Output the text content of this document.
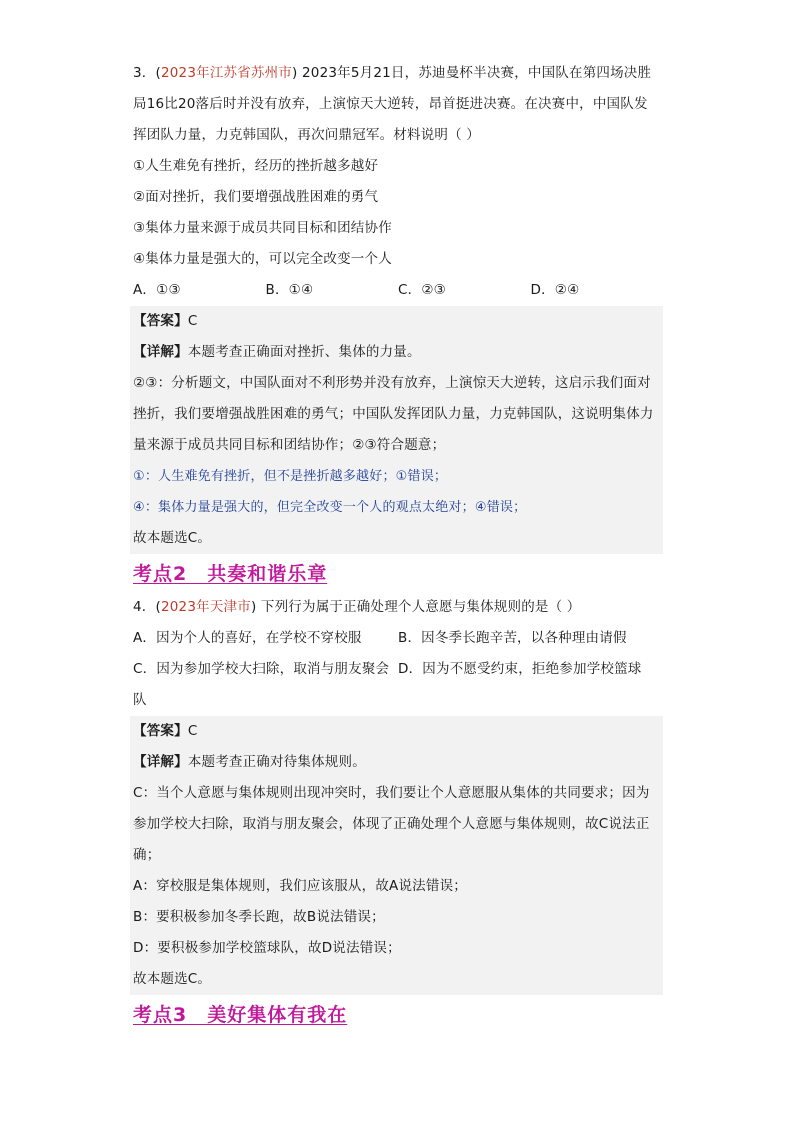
3．(2023年江苏省苏州市) 2023年5月21日，苏迪曼杯半决赛，中国队在第四场决胜
局16比20落后时并没有放弃，上演惊天大逆转，昂首挺进决赛。在决赛中，中国队发
挥团队力量，力克韩国队，再次问鼎冠军。材料说明（ ）
①人生难免有挫折，经历的挫折越多越好
②面对挫折，我们要增强战胜困难的勇气
③集体力量来源于成员共同目标和团结协作
④集体力量是强大的，可以完全改变一个人
A．①③	B．①④	C．②③	D．②④
【答案】C
【详解】本题考查正确面对挫折、集体的力量。
②③：分析题文，中国队面对不利形势并没有放弃，上演惊天大逆转，这启示我们面对
挫折，我们要增强战胜困难的勇气；中国队发挥团队力量，力克韩国队，这说明集体力
量来源于成员共同目标和团结协作；②③符合题意；
①：人生难免有挫折，但不是挫折越多越好；①错误；
④：集体力量是强大的，但完全改变一个人的观点太绝对；④错误；
故本题选C。
考点2　共奏和谐乐章
4．(2023年天津市) 下列行为属于正确处理个人意愿与集体规则的是（ ）
A．因为个人的喜好，在学校不穿校服	B．因冬季长跑辛苦，以各种理由请假
C．因为参加学校大扫除，取消与朋友聚会 D．因为不愿受约束，拒绝参加学校篮球
队
【答案】C
【详解】本题考查正确对待集体规则。
C：当个人意愿与集体规则出现冲突时，我们要让个人意愿服从集体的共同要求；因为
参加学校大扫除，取消与朋友聚会，体现了正确处理个人意愿与集体规则，故C说法正
确；
A：穿校服是集体规则，我们应该服从，故A说法错误；
B：要积极参加冬季长跑，故B说法错误；
D：要积极参加学校篮球队，故D说法错误；
故本题选C。
考点3　美好集体有我在
